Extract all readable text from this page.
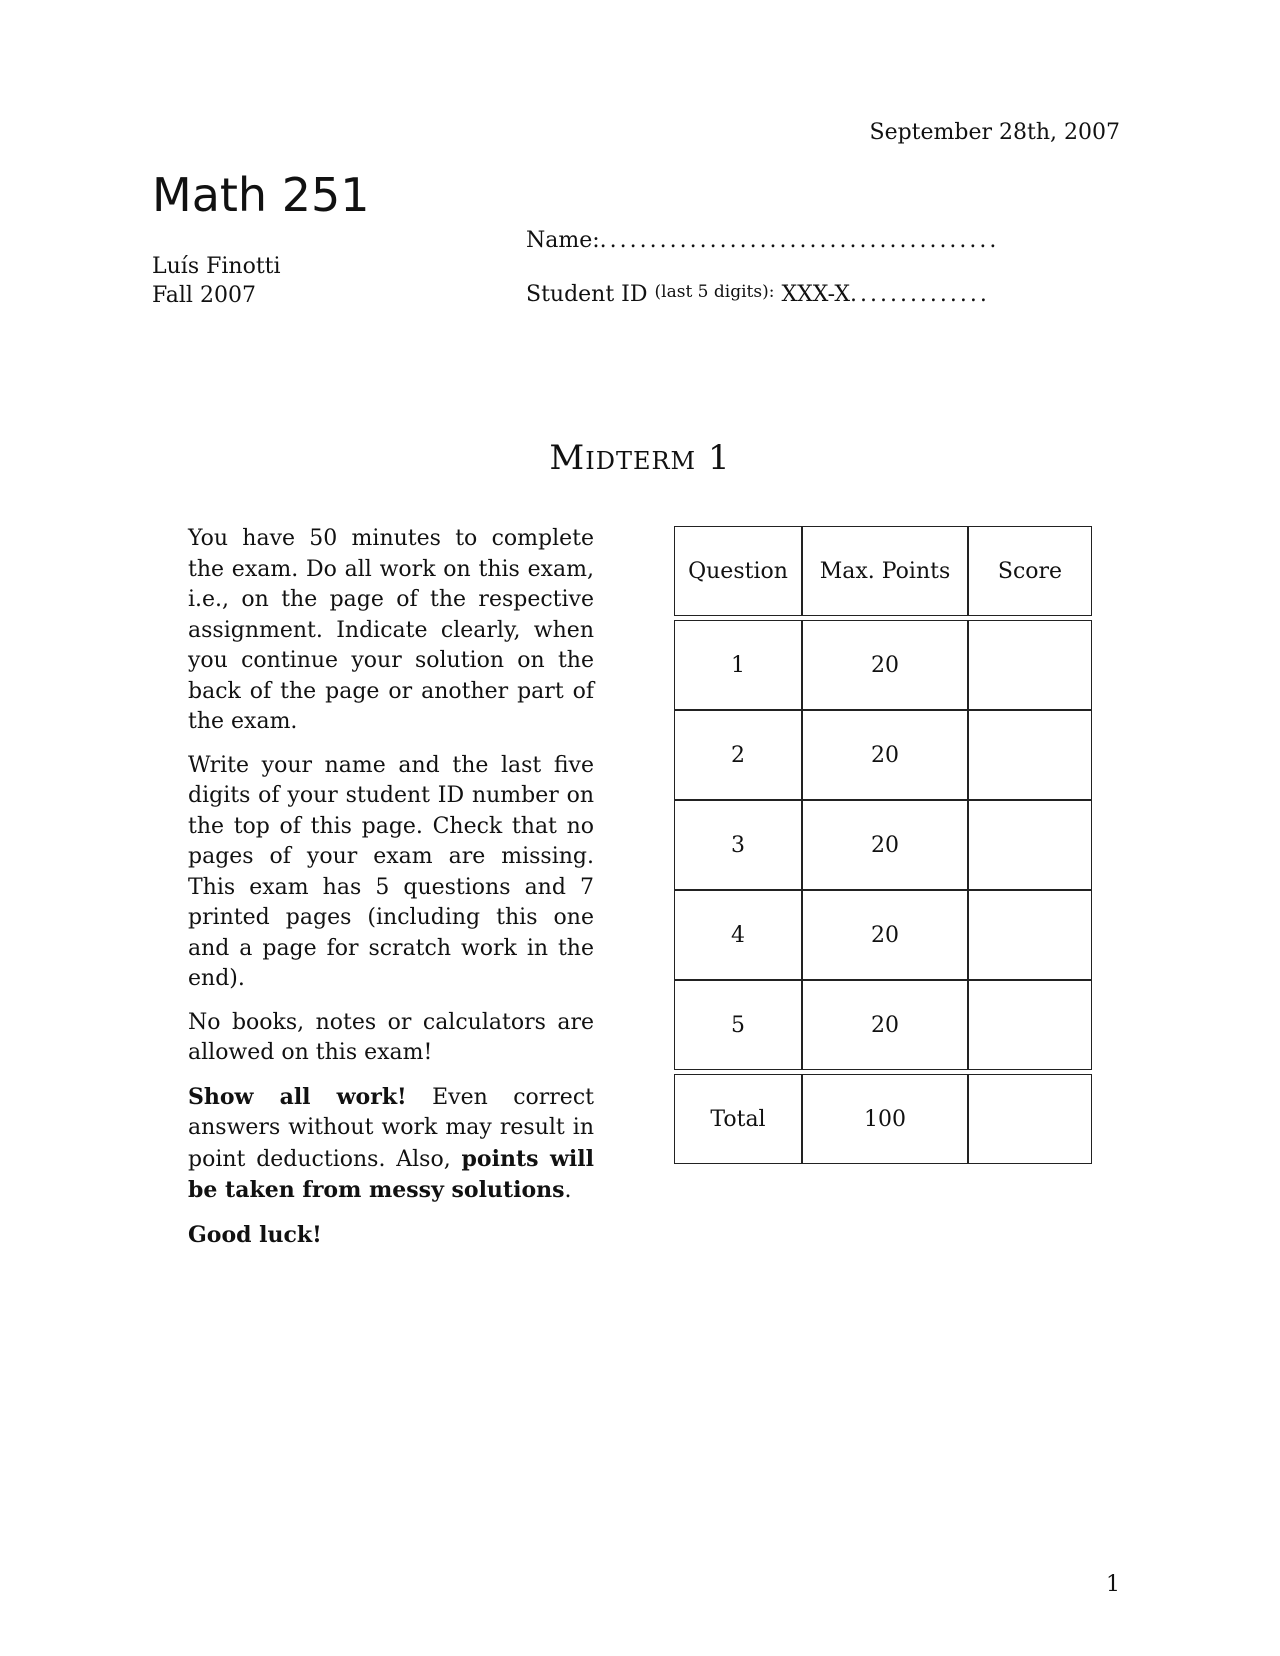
September 28th, 2007
Math 251
Luís Finotti
Fall 2007
Name: ........................................
Student ID
(last 5 digits):
XXX-X ..............
Midterm 1

You have 50 minutes to complete the exam. Do all work on this exam, i.e., on the page of the respective assignment. Indicate clearly, when you continue your solution on the back of the page or another part of the exam.

Write your name and the last five digits of your student ID number on the top of this page. Check that no pages of your exam are missing. This exam has 5 questions and 7 printed pages (including this one and a page for scratch work in the end).

No books, notes or calculators are allowed on this exam!

Show all work! Even correct answers without work may result in point deductions. Also, points will be taken from messy solutions.

Good luck!

Question	Max. Points	Score

1	20	
2	20	
3	20	
4	20	
5	20	

Total	100	
1
